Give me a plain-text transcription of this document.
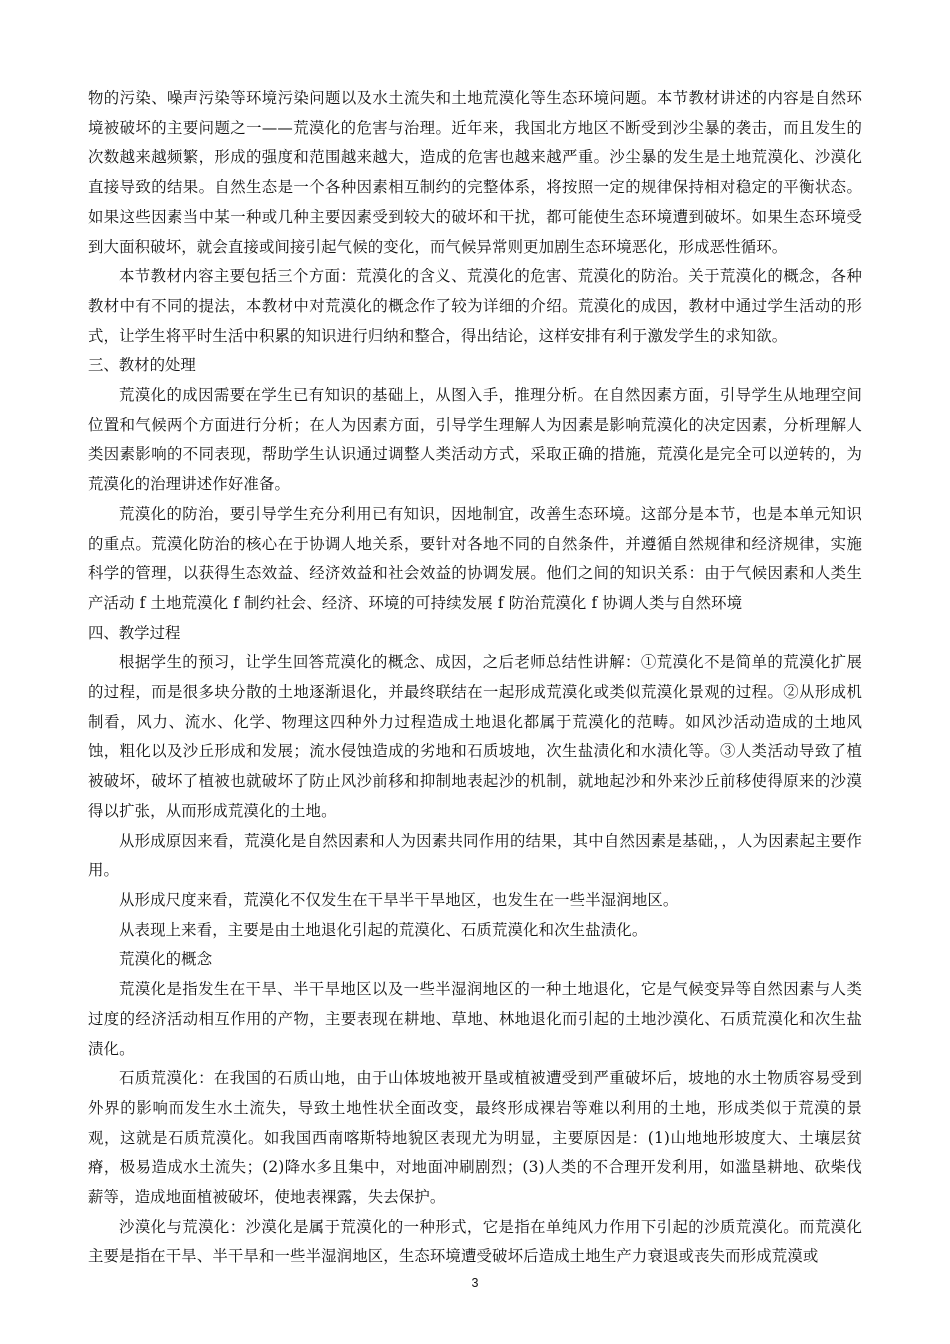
物的污染、噪声污染等环境污染问题以及水土流失和土地荒漠化等生态环境问题。本节教材讲述的内容是自然环境被破坏的主要问题之一——荒漠化的危害与治理。近年来，我国北方地区不断受到沙尘暴的袭击，而且发生的次数越来越频繁，形成的强度和范围越来越大，造成的危害也越来越严重。沙尘暴的发生是土地荒漠化、沙漠化直接导致的结果。自然生态是一个各种因素相互制约的完整体系，将按照一定的规律保持相对稳定的平衡状态。如果这些因素当中某一种或几种主要因素受到较大的破坏和干扰，都可能使生态环境遭到破坏。如果生态环境受到大面积破坏，就会直接或间接引起气候的变化，而气候异常则更加剧生态环境恶化，形成恶性循环。

本节教材内容主要包括三个方面：荒漠化的含义、荒漠化的危害、荒漠化的防治。关于荒漠化的概念，各种教材中有不同的提法，本教材中对荒漠化的概念作了较为详细的介绍。荒漠化的成因，教材中通过学生活动的形式，让学生将平时生活中积累的知识进行归纳和整合，得出结论，这样安排有利于激发学生的求知欲。

三、教材的处理

荒漠化的成因需要在学生已有知识的基础上，从图入手，推理分析。在自然因素方面，引导学生从地理空间位置和气候两个方面进行分析；在人为因素方面，引导学生理解人为因素是影响荒漠化的决定因素，分析理解人类因素影响的不同表现，帮助学生认识通过调整人类活动方式，采取正确的措施，荒漠化是完全可以逆转的，为荒漠化的治理讲述作好准备。

荒漠化的防治，要引导学生充分利用已有知识，因地制宜，改善生态环境。这部分是本节，也是本单元知识的重点。荒漠化防治的核心在于协调人地关系，要针对各地不同的自然条件，并遵循自然规律和经济规律，实施科学的管理，以获得生态效益、经济效益和社会效益的协调发展。他们之间的知识关系：由于气候因素和人类生产活动 f 土地荒漠化 f 制约社会、经济、环境的可持续发展 f 防治荒漠化 f 协调人类与自然环境

四、教学过程

根据学生的预习，让学生回答荒漠化的概念、成因，之后老师总结性讲解：①荒漠化不是简单的荒漠化扩展的过程，而是很多块分散的土地逐渐退化，并最终联结在一起形成荒漠化或类似荒漠化景观的过程。②从形成机制看，风力、流水、化学、物理这四种外力过程造成土地退化都属于荒漠化的范畴。如风沙活动造成的土地风蚀，粗化以及沙丘形成和发展；流水侵蚀造成的劣地和石质坡地，次生盐渍化和水渍化等。③人类活动导致了植被破坏，破坏了植被也就破坏了防止风沙前移和抑制地表起沙的机制，就地起沙和外来沙丘前移使得原来的沙漠得以扩张，从而形成荒漠化的土地。

从形成原因来看，荒漠化是自然因素和人为因素共同作用的结果，其中自然因素是基础，，人为因素起主要作用。

从形成尺度来看，荒漠化不仅发生在干旱半干旱地区，也发生在一些半湿润地区。

从表现上来看，主要是由土地退化引起的荒漠化、石质荒漠化和次生盐渍化。

荒漠化的概念

荒漠化是指发生在干旱、半干旱地区以及一些半湿润地区的一种土地退化，它是气候变异等自然因素与人类过度的经济活动相互作用的产物，主要表现在耕地、草地、林地退化而引起的土地沙漠化、石质荒漠化和次生盐渍化。

石质荒漠化：在我国的石质山地，由于山体坡地被开垦或植被遭受到严重破坏后，坡地的水土物质容易受到外界的影响而发生水土流失，导致土地性状全面改变，最终形成裸岩等难以利用的土地，形成类似于荒漠的景观，这就是石质荒漠化。如我国西南喀斯特地貌区表现尤为明显，主要原因是：(1)山地地形坡度大、土壤层贫瘠，极易造成水土流失；(2)降水多且集中，对地面冲刷剧烈；(3)人类的不合理开发利用，如滥垦耕地、砍柴伐薪等，造成地面植被破坏，使地表裸露，失去保护。

沙漠化与荒漠化：沙漠化是属于荒漠化的一种形式，它是指在单纯风力作用下引起的沙质荒漠化。而荒漠化主要是指在干旱、半干旱和一些半湿润地区，生态环境遭受破坏后造成土地生产力衰退或丧失而形成荒漠或

3
